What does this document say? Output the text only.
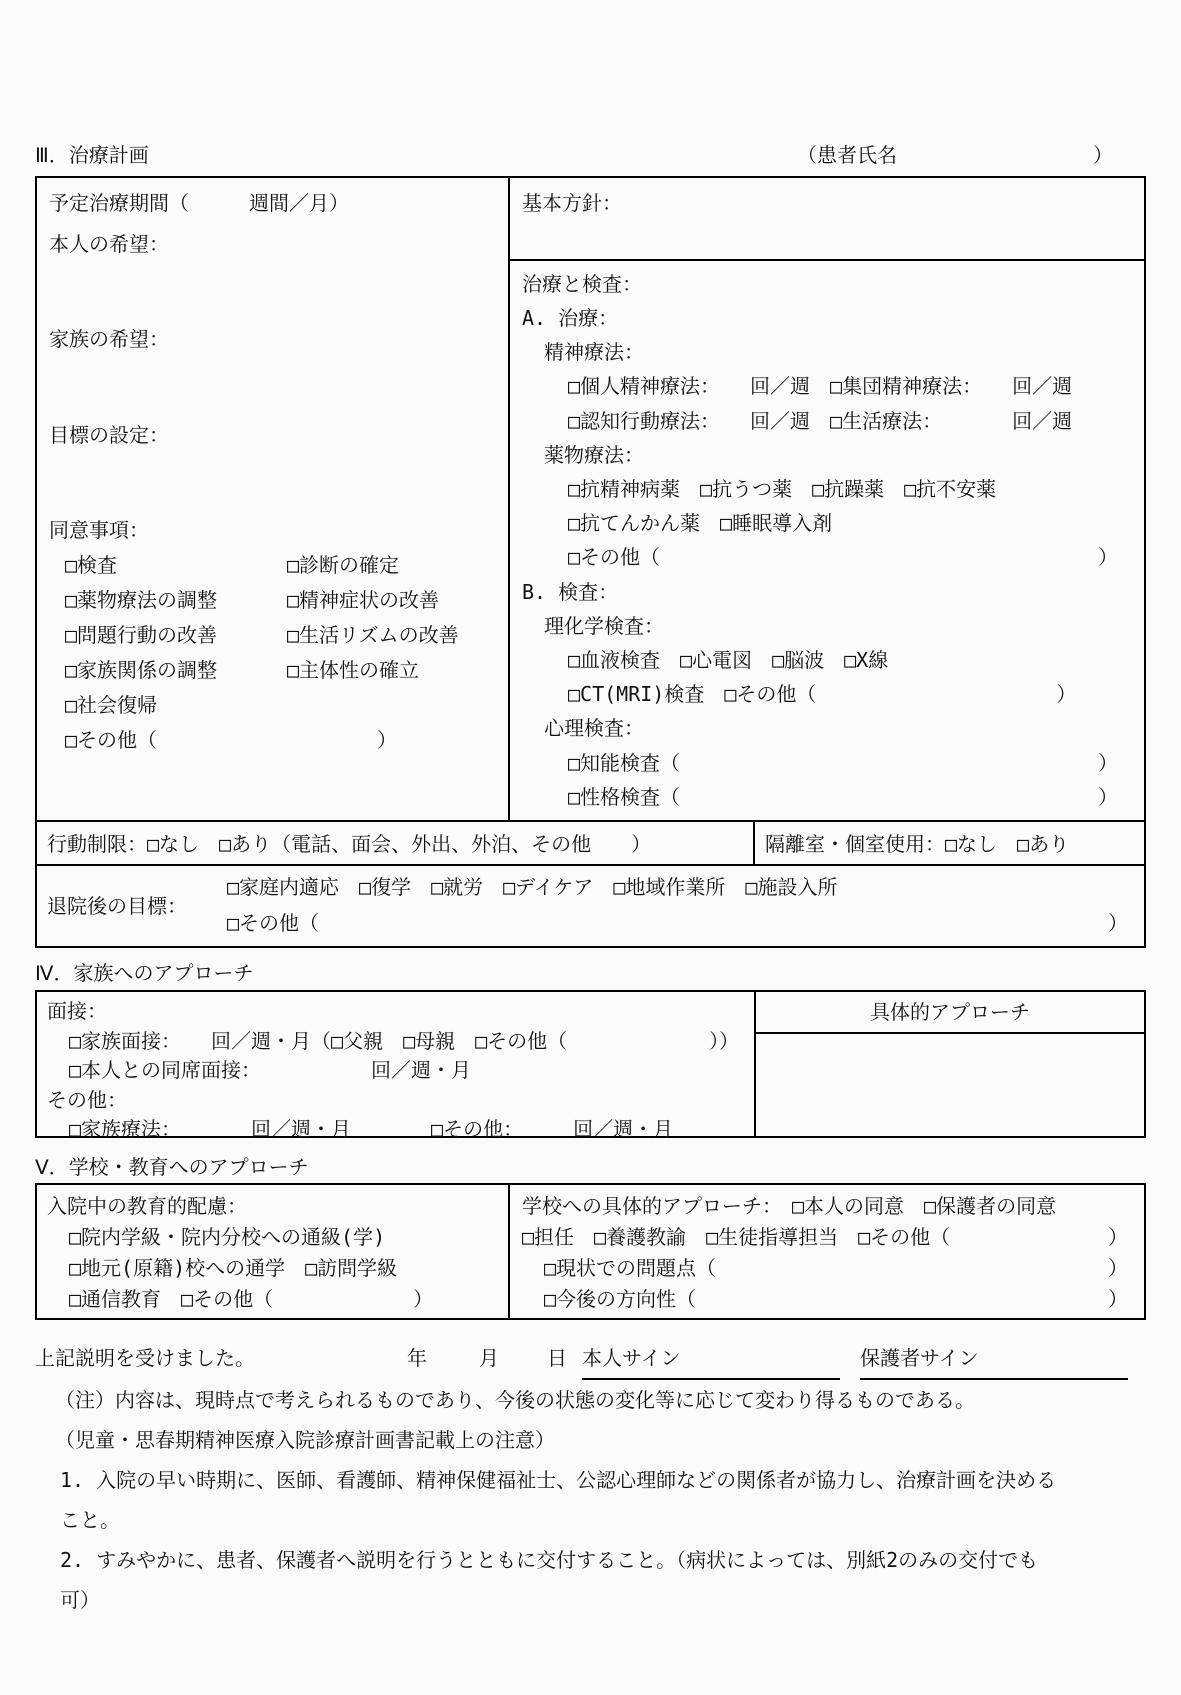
Ⅲ．治療計画	（患者氏名	）
予定治療期間（　　　週間／月）
本人の希望：
家族の希望：
目標の設定：
同意事項：
□検査	□診断の確定
□薬物療法の調整	□精神症状の改善
□問題行動の改善	□生活リズムの改善
□家族関係の調整	□主体性の確立
□社会復帰
□その他（　　　　　　　　　　　）
基本方針：
治療と検査：
A. 治療：
精神療法：
□個人精神療法：　　回／週　□集団精神療法：　　回／週
□認知行動療法：　　回／週　□生活療法：　　　　回／週
薬物療法：
□抗精神病薬　□抗うつ薬　□抗躁薬　□抗不安薬
□抗てんかん薬　□睡眠導入剤
□その他（	）
B. 検査：
理化学検査：
□血液検査　□心電図　□脳波　□X線
□CT(MRI)検査　□その他（　　　　　　　　　　　　）
心理検査：
□知能検査（	）
□性格検査（	）
行動制限：□なし　□あり（電話、面会、外出、外泊、その他　　）	隔離室・個室使用：□なし　□あり
退院後の目標：
□家庭内適応　□復学　□就労　□デイケア　□地域作業所　□施設入所
□その他（	）
Ⅳ．家族へのアプローチ
面接：
□家族面接：　　回／週・月（□父親　□母親　□その他（	））
□本人との同席面接：　　　　　　回／週・月
その他：
□家族療法：　　　　回／週・月　　　　□その他：　　　回／週・月
具体的アプローチ
Ⅴ．学校・教育へのアプローチ
入院中の教育的配慮：
□院内学級・院内分校への通級(学)
□地元(原籍)校への通学　□訪問学級
□通信教育　□その他（　　　　　　　）
学校への具体的アプローチ：　□本人の同意　□保護者の同意
□担任　□養護教諭　□生徒指導担当　□その他（	）
□現状での問題点（	）
□今後の方向性（	）
上記説明を受けました。	年	月 日 本人サイン	保護者サイン
（注）内容は、現時点で考えられるものであり、今後の状態の変化等に応じて変わり得るものである。
（児童・思春期精神医療入院診療計画書記載上の注意）
1. 入院の早い時期に、医師、看護師、精神保健福祉士、公認心理師などの関係者が協力し、治療計画を決めること。
2. すみやかに、患者、保護者へ説明を行うとともに交付すること。（病状によっては、別紙2のみの交付でも可）
